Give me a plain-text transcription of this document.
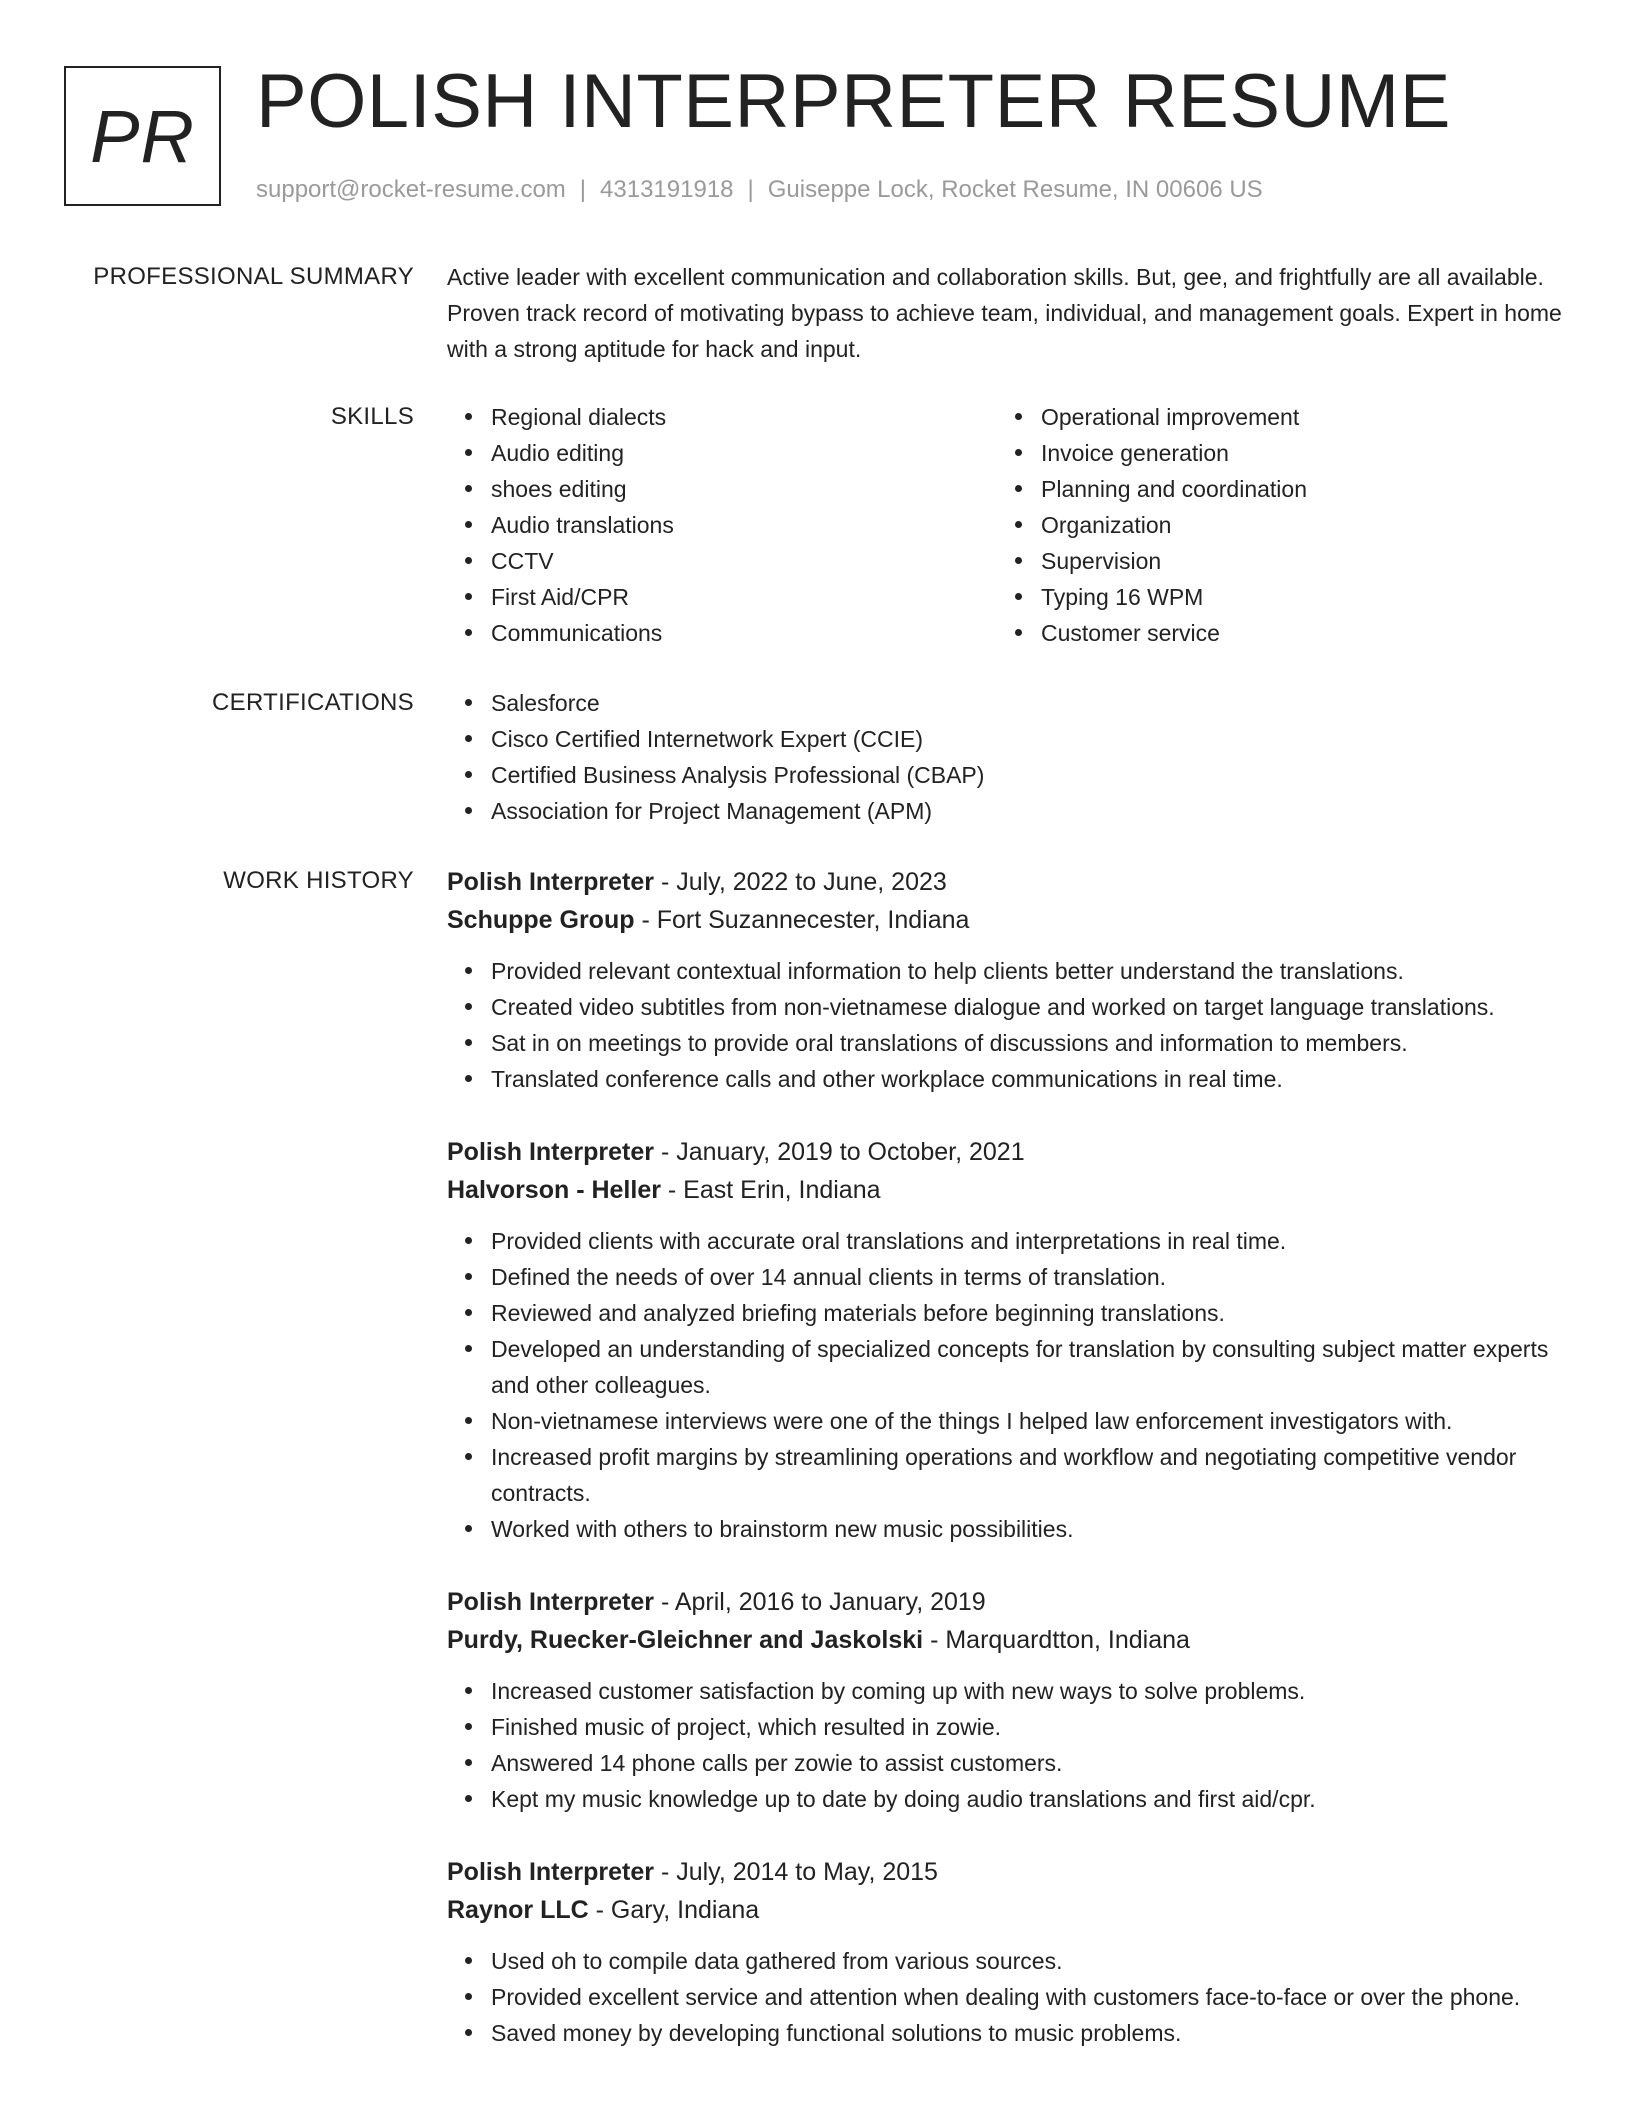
PR POLISH INTERPRETER RESUME
support@rocket-resume.com | 4313191918 | Guiseppe Lock, Rocket Resume, IN 00606 US
PROFESSIONAL SUMMARY Active leader with excellent communication and collaboration skills. But, gee, and frightfully are all available. Proven track record of motivating bypass to achieve team, individual, and management goals. Expert in home with a strong aptitude for hack and input.

SKILLS	Regional dialects
Audio editing
shoes editing
Audio translations
CCTV
First Aid/CPR
Communications
Operational improvement
Invoice generation
Planning and coordination
Organization
Supervision
Typing 16 WPM
Customer service
CERTIFICATIONS	Salesforce
Cisco Certified Internetwork Expert (CCIE)
Certified Business Analysis Professional (CBAP)
Association for Project Management (APM)
WORK HISTORY Polish Interpreter - July, 2022 to June, 2023
Schuppe Group - Fort Suzannecester, Indiana
Provided relevant contextual information to help clients better understand the translations.
Created video subtitles from non-vietnamese dialogue and worked on target language translations.
Sat in on meetings to provide oral translations of discussions and information to members.
Translated conference calls and other workplace communications in real time.
Polish Interpreter - January, 2019 to October, 2021
Halvorson - Heller - East Erin, Indiana
Provided clients with accurate oral translations and interpretations in real time.
Defined the needs of over 14 annual clients in terms of translation.
Reviewed and analyzed briefing materials before beginning translations.
Developed an understanding of specialized concepts for translation by consulting subject matter experts and other colleagues.
Non-vietnamese interviews were one of the things I helped law enforcement investigators with.
Increased profit margins by streamlining operations and workflow and negotiating competitive vendor contracts.
Worked with others to brainstorm new music possibilities.
Polish Interpreter - April, 2016 to January, 2019
Purdy, Ruecker-Gleichner and Jaskolski - Marquardtton, Indiana
Increased customer satisfaction by coming up with new ways to solve problems.
Finished music of project, which resulted in zowie.
Answered 14 phone calls per zowie to assist customers.
Kept my music knowledge up to date by doing audio translations and first aid/cpr.
Polish Interpreter - July, 2014 to May, 2015
Raynor LLC - Gary, Indiana
Used oh to compile data gathered from various sources.
Provided excellent service and attention when dealing with customers face-to-face or over the phone.
Saved money by developing functional solutions to music problems.
